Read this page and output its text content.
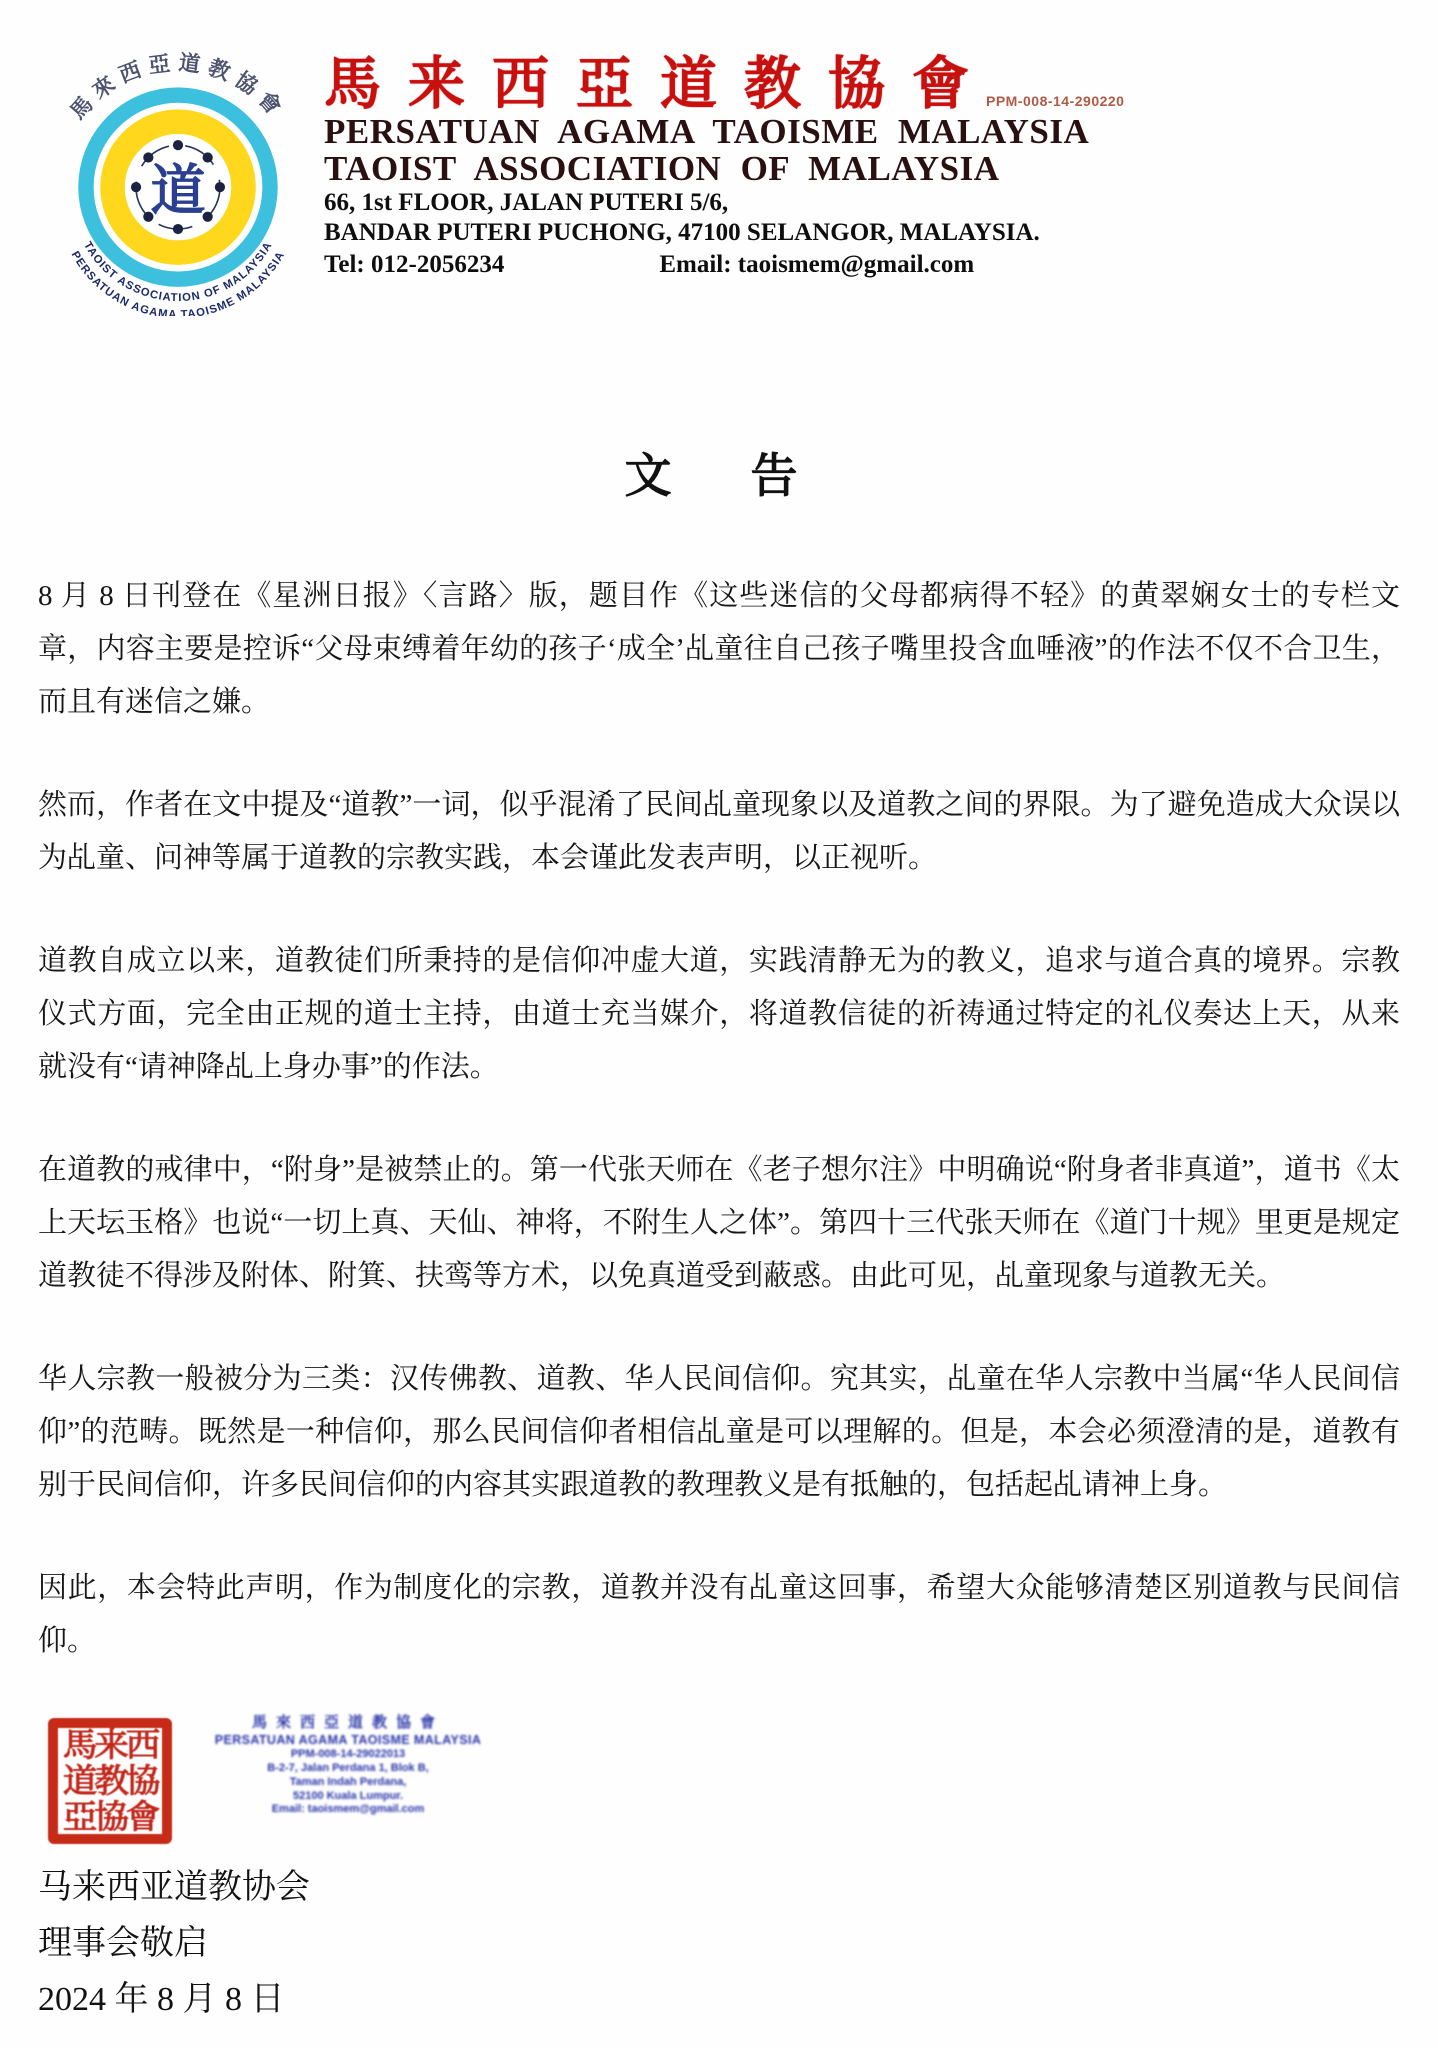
道
馬來西亞道教協會
TAOIST ASSOCIATION OF MALAYSIA
PERSATUAN AGAMA TAOISME MALAYSIA
馬来西亞道教協會
PPM-008-14-290220
PERSATUAN AGAMA TAOISME MALAYSIA
TAOIST ASSOCIATION OF MALAYSIA
66, 1st FLOOR, JALAN PUTERI 5/6,
BANDAR PUTERI PUCHONG, 47100 SELANGOR, MALAYSIA.
Tel: 012-2056234	Email: taoismem@gmail.com
文　告

8 月 8 日刊登在《星洲日报》〈言路〉版，题目作《这些迷信的父母都病得不轻》的黄翠娴女士的专栏文章，内容主要是控诉“父母束缚着年幼的孩子‘成全’乩童往自己孩子嘴里投含血唾液”的作法不仅不合卫生，而且有迷信之嫌。

然而，作者在文中提及“道教”一词，似乎混淆了民间乩童现象以及道教之间的界限。为了避免造成大众误以为乩童、问神等属于道教的宗教实践，本会谨此发表声明，以正视听。

道教自成立以来，道教徒们所秉持的是信仰冲虚大道，实践清静无为的教义，追求与道合真的境界。宗教仪式方面，完全由正规的道士主持，由道士充当媒介，将道教信徒的祈祷通过特定的礼仪奏达上天，从来就没有“请神降乩上身办事”的作法。

在道教的戒律中，“附身”是被禁止的。第一代张天师在《老子想尔注》中明确说“附身者非真道”，道书《太上天坛玉格》也说“一切上真、天仙、神将，不附生人之体”。第四十三代张天师在《道门十规》里更是规定道教徒不得涉及附体、附箕、扶鸾等方术，以免真道受到蔽惑。由此可见，乩童现象与道教无关。

华人宗教一般被分为三类：汉传佛教、道教、华人民间信仰。究其实，乩童在华人宗教中当属“华人民间信仰”的范畴。既然是一种信仰，那么民间信仰者相信乩童是可以理解的。但是，本会必须澄清的是，道教有别于民间信仰，许多民间信仰的内容其实跟道教的教理教义是有抵触的，包括起乩请神上身。

因此，本会特此声明，作为制度化的宗教，道教并没有乩童这回事，希望大众能够清楚区别道教与民间信仰。

馬来西
道教協
亞協會
馬來西亞道教協會
PERSATUAN AGAMA TAOISME MALAYSIA
PPM-008-14-29022013
B-2-7, Jalan Perdana 1, Blok B,
Taman Indah Perdana,
52100 Kuala Lumpur.
Email: taoismem@gmail.com
马来西亚道教协会
理事会敬启
2024 年 8 月 8 日
